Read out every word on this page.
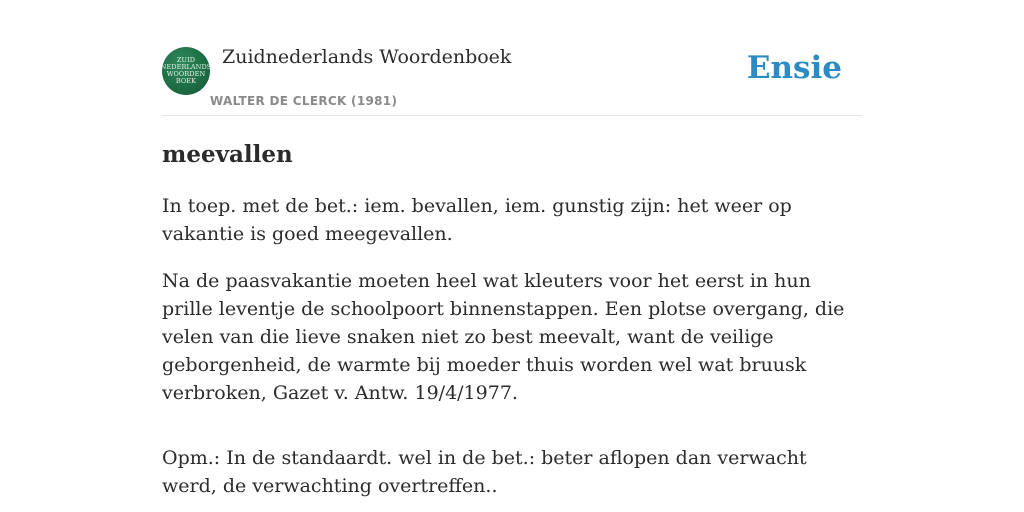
ZUID
NEDERLANDS
WOORDEN
BOEK
Zuidnederlands Woordenboek
WALTER DE CLERCK (1981)
Ensie
meevallen

In toep. met de bet.: iem. bevallen, iem. gunstig zijn: het weer op vakantie is goed meegevallen.

Na de paasvakantie moeten heel wat kleuters voor het eerst in hun prille leventje de schoolpoort binnenstappen. Een plotse overgang, die velen van die lieve snaken niet zo best meevalt, want de veilige geborgenheid, de warmte bij moeder thuis worden wel wat bruusk verbroken, Gazet v. Antw. 19/4/1977.

Opm.: In de standaardt. wel in de bet.: beter aflopen dan verwacht werd, de verwachting overtreffen..
